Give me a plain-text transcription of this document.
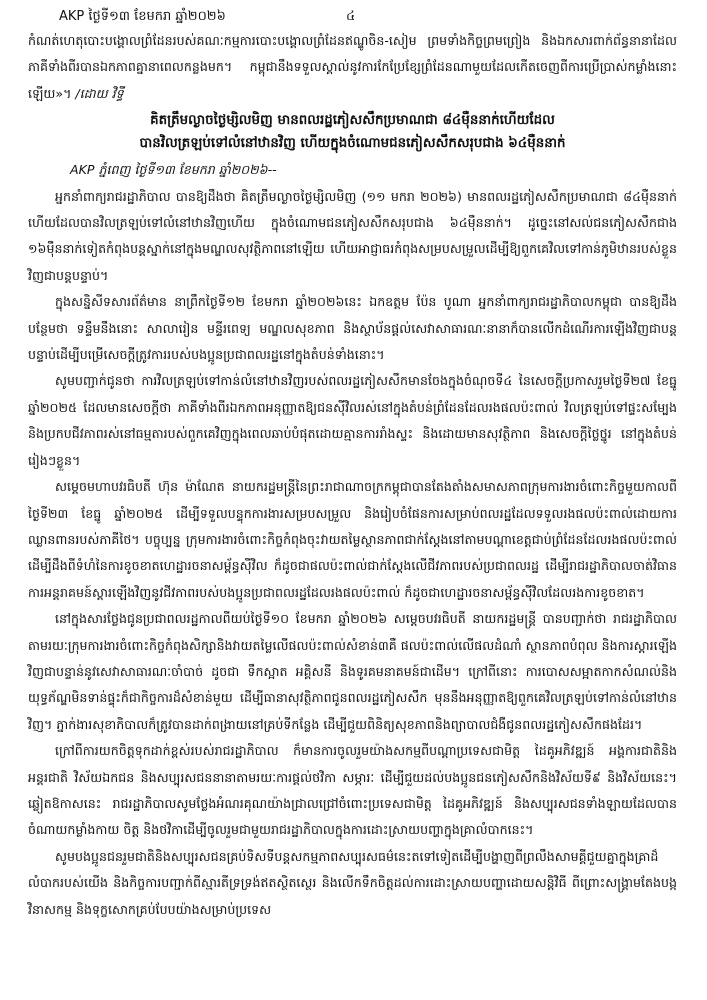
AKP ថ្ងៃទី១៣ ខែមករា ឆ្នាំ២០២៦	៤

កំណត់ហេតុបោះបង្គោលព្រំដែនរបស់គណៈកម្មការបោះបង្គោលព្រំដែនឥណ្ឌូចិន-សៀម ព្រមទាំងកិច្ចព្រមព្រៀង និងឯកសារពាក់ព័ន្ធនានាដែលភាគីទាំងពីរបានឯកភាពគ្នានាពេលកន្លងមក។ កម្ពុជានឹងទទួលស្គាល់នូវការកែប្រែខ្សែព្រំដែនណាមួយដែលកើតចេញពីការប្រើប្រាស់កម្លាំងនោះឡើយ»។ /ដោយ វិទ្ធី

គិតត្រឹមល្ងាចថ្ងៃម្សិលមិញ មានពលរដ្ឋភៀសសឹកប្រមាណជា ៨៤ម៉ឺននាក់ហើយដែល
បានវិលត្រឡប់ទៅលំនៅឋានវិញ ហើយក្នុងចំណោមជនភៀសសឹកសរុបជាង ៦៤ម៉ឺននាក់

AKP ភ្នំពេញ ថ្ងៃទី១៣ ខែមករា ឆ្នាំ២០២៦--

អ្នកនាំពាក្យរាជរដ្ឋាភិបាល បានឱ្យដឹងថា គិតត្រឹមល្ងាចថ្ងៃម្សិលមិញ (១១ មករា ២០២៦) មានពលរដ្ឋភៀសសឹកប្រមាណជា ៨៤ម៉ឺននាក់ហើយដែលបានវិលត្រឡប់ទៅលំនៅឋានវិញហើយ ក្នុងចំណោមជនភៀសសឹកសរុបជាង ៦៤ម៉ឺននាក់។ ដូច្នេះនៅសល់ជនភៀសសឹកជាង ១៦ម៉ឺននាក់ទៀតកំពុងបន្តស្នាក់នៅក្នុងមណ្ឌលសុវត្ថិភាពនៅឡើយ ហើយអាជ្ញាធរកំពុងសម្របសម្រួលដើម្បីឱ្យពួកគេវិលទៅកាន់ភូមិឋានរបស់ខ្លួនវិញជាបន្តបន្ទាប់។

ក្នុងសន្និសីទសារព័ត៌មាន នាព្រឹកថ្ងៃទី១២ ខែមករា ឆ្នាំ២០២៦នេះ ឯកឧត្តម ប៉ែន បូណា អ្នកនាំពាក្យរាជរដ្ឋាភិបាលកម្ពុជា បានឱ្យដឹងបន្ថែមថា ទន្ទឹមនឹងនោះ សាលារៀន មន្ទីរពេទ្យ មណ្ឌលសុខភាព និងស្ថាប័នផ្តល់សេវាសាធារណៈនានាក៏បានលើកដំណើរការឡើងវិញជាបន្តបន្ទាប់ដើម្បីបម្រើសេចក្តីត្រូវការរបស់បងប្អូនប្រជាពលរដ្ឋនៅក្នុងតំបន់ទាំងនោះ។

សូមបញ្ជាក់ជូនថា ការវិលត្រឡប់ទៅកាន់លំនៅឋានវិញរបស់ពលរដ្ឋភៀសសឹកមានចែងក្នុងចំណុចទី៤ នៃសេចក្តីប្រកាសរួមថ្ងៃទី២៧ ខែធ្នូ ឆ្នាំ២០២៥ ដែលមានសេចក្តីថា ភាគីទាំងពីរឯកភាពអនុញ្ញាតឱ្យជនស៊ីវិលរស់នៅក្នុងតំបន់ព្រំដែនដែលរងផលប៉ះពាល់ វិលត្រឡប់ទៅផ្ទះសម្បែងនិងប្រកបជីវភាពរស់នៅធម្មតារបស់ពួកគេវិញក្នុងពេលឆាប់បំផុតដោយគ្មានការរាំងស្ទះ និងដោយមានសុវត្ថិភាព និងសេចក្តីថ្លៃថ្នូរ នៅក្នុងតំបន់រៀងៗខ្លួន។

សម្តេចមហាបវរធិបតី ហ៊ុន ម៉ាណែត នាយករដ្ឋមន្ត្រីនៃព្រះរាជាណាចក្រកម្ពុជាបានតែងតាំងសមាសភាពក្រុមការងារចំពោះកិច្ចមួយកាលពីថ្ងៃទី២៣ ខែធ្នូ ឆ្នាំ២០២៥ ដើម្បីទទួលបន្ទុកការងារសម្របសម្រួល និងរៀបចំផែនការសម្រាប់ពលរដ្ឋដែលទទួលរងផលប៉ះពាល់ដោយការឈ្លានពានរបស់ភាគីថៃ។ បច្ចុប្បន្ន ក្រុមការងារចំពោះកិច្ចកំពុងចុះវាយតម្លៃស្ថានភាពជាក់ស្តែងនៅតាមបណ្តាខេត្តជាប់ព្រំដែនដែលរងផលប៉ះពាល់ ដើម្បីដឹងពីទំហំនៃការខូចខាតហេដ្ឋារចនាសម្ព័ន្ធស៊ីវិល ក៏ដូចជាផលប៉ះពាល់ជាក់ស្តែងលើជីវភាពរបស់ប្រជាពលរដ្ឋ ដើម្បីរាជរដ្ឋាភិបាលចាត់វិធានការអន្តរាគមន៍ស្តារឡើងវិញនូវជីវភាពរបស់បងប្អូនប្រជាពលរដ្ឋដែលរងផលប៉ះពាល់ ក៏ដូចជាហេដ្ឋារចនាសម្ព័ន្ធស៊ីវិលដែលរងការខូចខាត។

នៅក្នុងសារថ្លែងជូនប្រជាពលរដ្ឋកាលពីយប់ថ្ងៃទី១០ ខែមករា ឆ្នាំ២០២៦ សម្តេចបវរធិបតី នាយករដ្ឋមន្ត្រី បានបញ្ជាក់ថា រាជរដ្ឋាភិបាល តាមរយៈក្រុមការងារចំពោះកិច្ចកំពុងសិក្សានិងវាយតម្លៃលើផលប៉ះពាល់សំខាន់៣គឺ ផលប៉ះពាល់លើផលដំណាំ ស្ថានភាពបំពុល និងការស្តារឡើងវិញជាបន្ទាន់នូវសេវាសាធារណៈចាំបាច់ ដូចជា ទឹកស្អាត អគ្គិសនី និងទូរគមនាគមន៍ជាដើម។ ក្រៅពីនោះ ការបោសសម្អាតកាកសំណល់និងយុទ្ធភ័ណ្ឌមិនទាន់ផ្ទុះក៏ជាកិច្ចការដ៏សំខាន់មួយ ដើម្បីធានាសុវត្ថិភាពជូនពលរដ្ឋភៀសសឹក មុននឹងអនុញ្ញាតឱ្យពួកគេវិលត្រឡប់ទៅកាន់លំនៅឋានវិញ។ ភ្នាក់ងារសុខាភិបាលក៏ត្រូវបានដាក់ពង្រាយនៅគ្រប់ទីកន្លែង ដើម្បីជួយពិនិត្យសុខភាពនិងព្យាបាលជំងឺជូនពលរដ្ឋភៀសសឹកផងដែរ។

ក្រៅពីការយកចិត្តទុកដាក់ខ្ពស់របស់រាជរដ្ឋាភិបាល ក៏មានការចូលរួមយ៉ាងសកម្មពីបណ្តាប្រទេសជាមិត្ត ដៃគូអភិវឌ្ឍន៍ អង្គការជាតិនិងអន្តរជាតិ វិស័យឯកជន និងសប្បុរសជននានាតាមរយៈការផ្តល់ថវិកា សម្ភារៈ ដើម្បីជួយដល់បងប្អូនជនភៀសសឹកនិងវិស័យទី៩ និងវិស័យនេះ។ ឆ្លៀតឱកាសនេះ រាជរដ្ឋាភិបាលសូមថ្លែងអំណរគុណយ៉ាងជ្រាលជ្រៅចំពោះប្រទេសជាមិត្ត ដៃគូអភិវឌ្ឍន៍ និងសប្បុរសជនទាំងឡាយដែលបានចំណាយកម្លាំងកាយ ចិត្ត និងថវិកាដើម្បីចូលរួមជាមួយរាជរដ្ឋាភិបាលក្នុងការដោះស្រាយបញ្ហាក្នុងគ្រាលំបាកនេះ។

សូមបងប្អូនជនរួមជាតិនិងសប្បុរសជនគ្រប់ទិសទីបន្តសកម្មភាពសប្បុរសធម៌នេះតទៅទៀតដើម្បីបង្ហាញពីព្រលឹងសាមគ្គីជួយគ្នាក្នុងគ្រាដ៏លំបាករបស់យើង និងកិច្ចការបញ្ជាក់ពីស្មារតីទ្រទ្រង់ឥតស្ថិតស្ថេរ និងលើកទឹកចិត្តដល់ការដោះស្រាយបញ្ហាដោយសន្តិវិធី ពីព្រោះសង្គ្រាមតែងបង្កវិនាសកម្ម និងទុក្ខសោកគ្រប់បែបយ៉ាងសម្រាប់ប្រទេស
